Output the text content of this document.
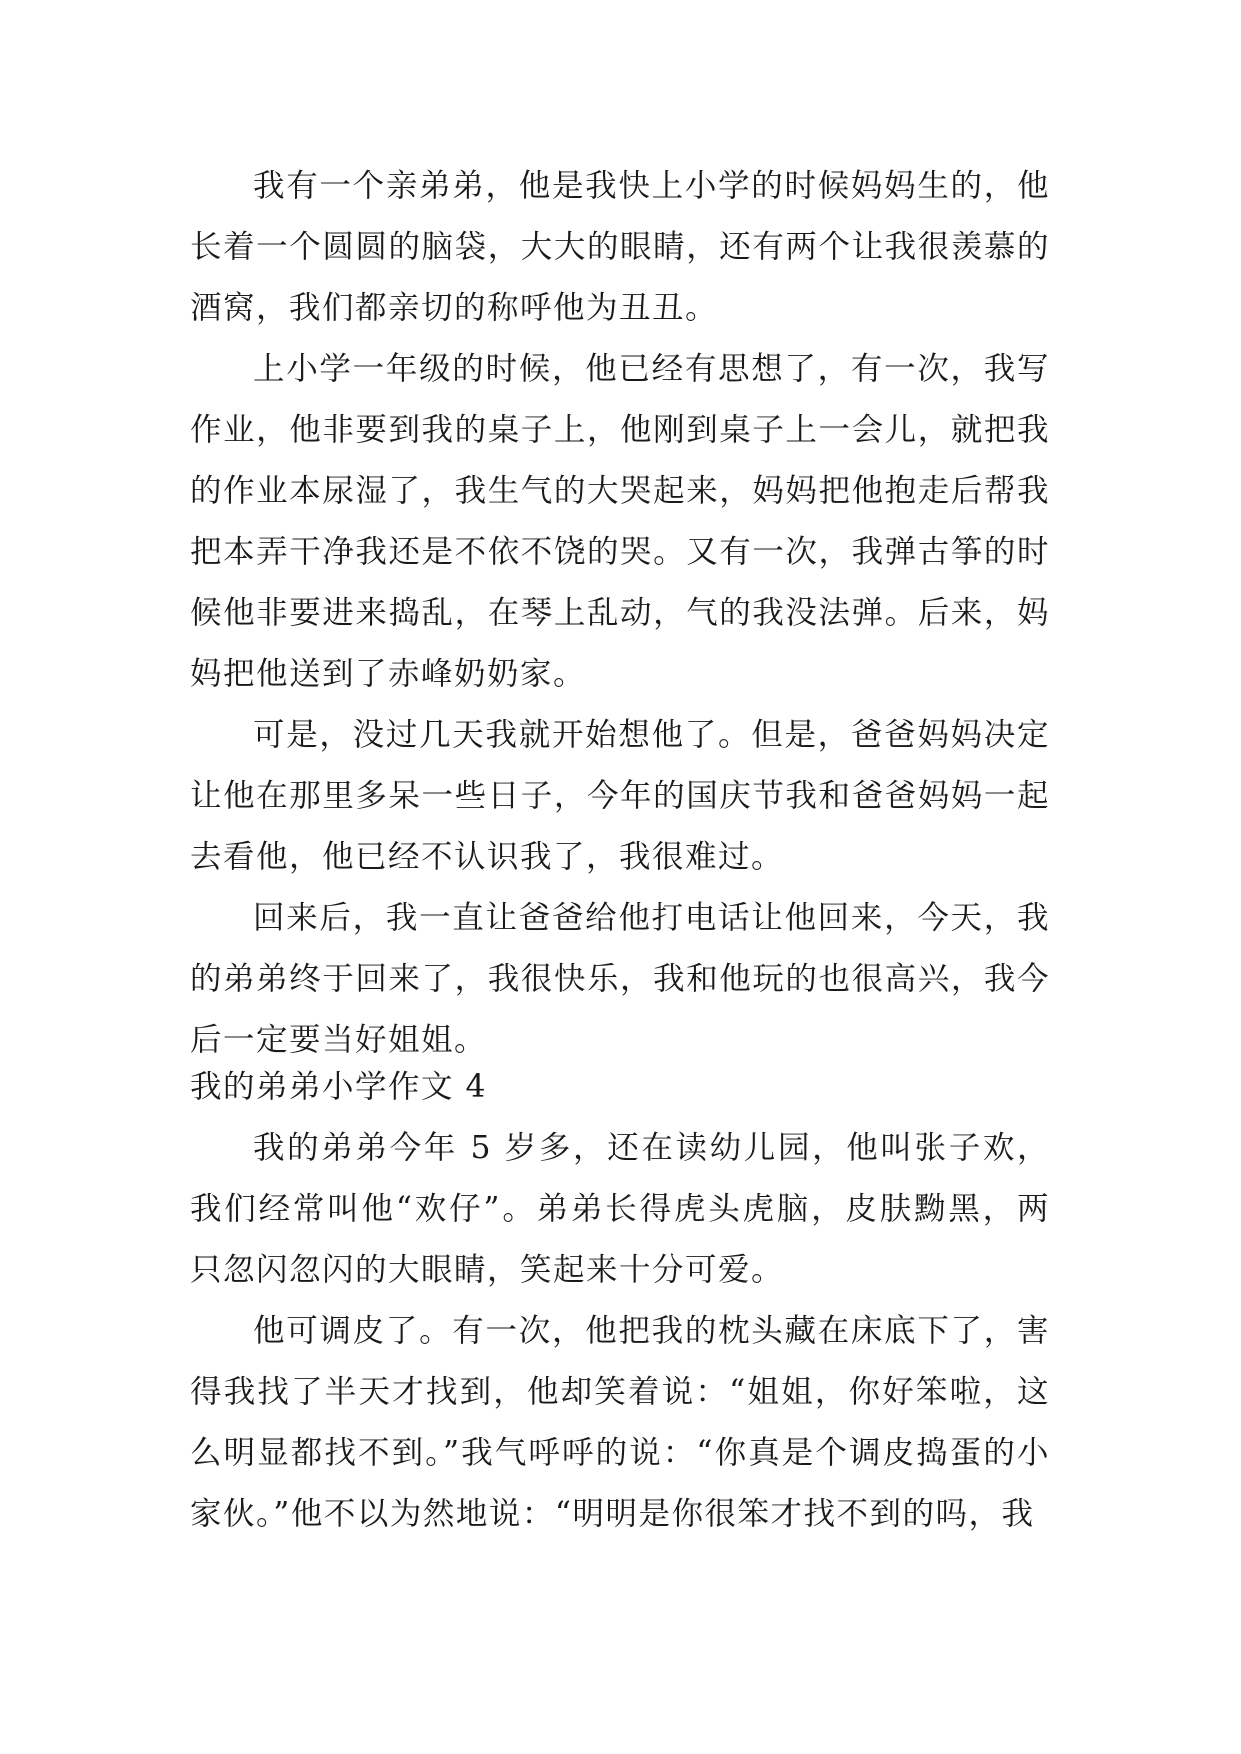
我有一个亲弟弟，他是我快上小学的时候妈妈生的，他长着一个圆圆的脑袋，大大的眼睛，还有两个让我很羡慕的酒窝，我们都亲切的称呼他为丑丑。

上小学一年级的时候，他已经有思想了，有一次，我写作业，他非要到我的桌子上，他刚到桌子上一会儿，就把我的作业本尿湿了，我生气的大哭起来，妈妈把他抱走后帮我把本弄干净我还是不依不饶的哭。又有一次，我弹古筝的时候他非要进来捣乱，在琴上乱动，气的我没法弹。后来，妈妈把他送到了赤峰奶奶家。

可是，没过几天我就开始想他了。但是，爸爸妈妈决定让他在那里多呆一些日子，今年的国庆节我和爸爸妈妈一起去看他，他已经不认识我了，我很难过。

回来后，我一直让爸爸给他打电话让他回来，今天，我的弟弟终于回来了，我很快乐，我和他玩的也很高兴，我今后一定要当好姐姐。

我的弟弟小学作文 4

我的弟弟今年 5 岁多，还在读幼儿园，他叫张子欢，我们经常叫他“欢仔”。弟弟长得虎头虎脑，皮肤黝黑，两只忽闪忽闪的大眼睛，笑起来十分可爱。

他可调皮了。有一次，他把我的枕头藏在床底下了，害得我找了半天才找到，他却笑着说：“姐姐，你好笨啦，这么明显都找不到。”我气呼呼的说：“你真是个调皮捣蛋的小家伙。”他不以为然地说：“明明是你很笨才找不到的吗，我
